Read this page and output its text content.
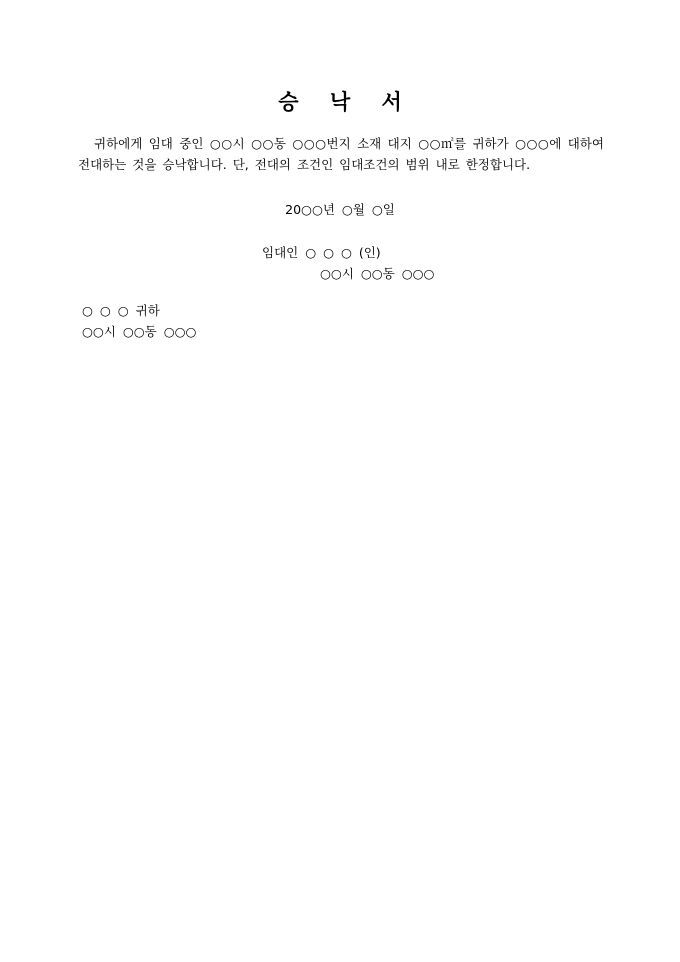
승 낙 서
귀하에게 임대 중인 ○○시 ○○동 ○○○번지 소재 대지 ○○㎡를 귀하가 ○○○에 대하여 전대하는 것을 승낙합니다. 단, 전대의 조건인 임대조건의 범위 내로 한정합니다.
20○○년 ○월 ○일
임대인 ○ ○ ○ (인)
○○시 ○○동 ○○○
○ ○ ○ 귀하
○○시 ○○동 ○○○
